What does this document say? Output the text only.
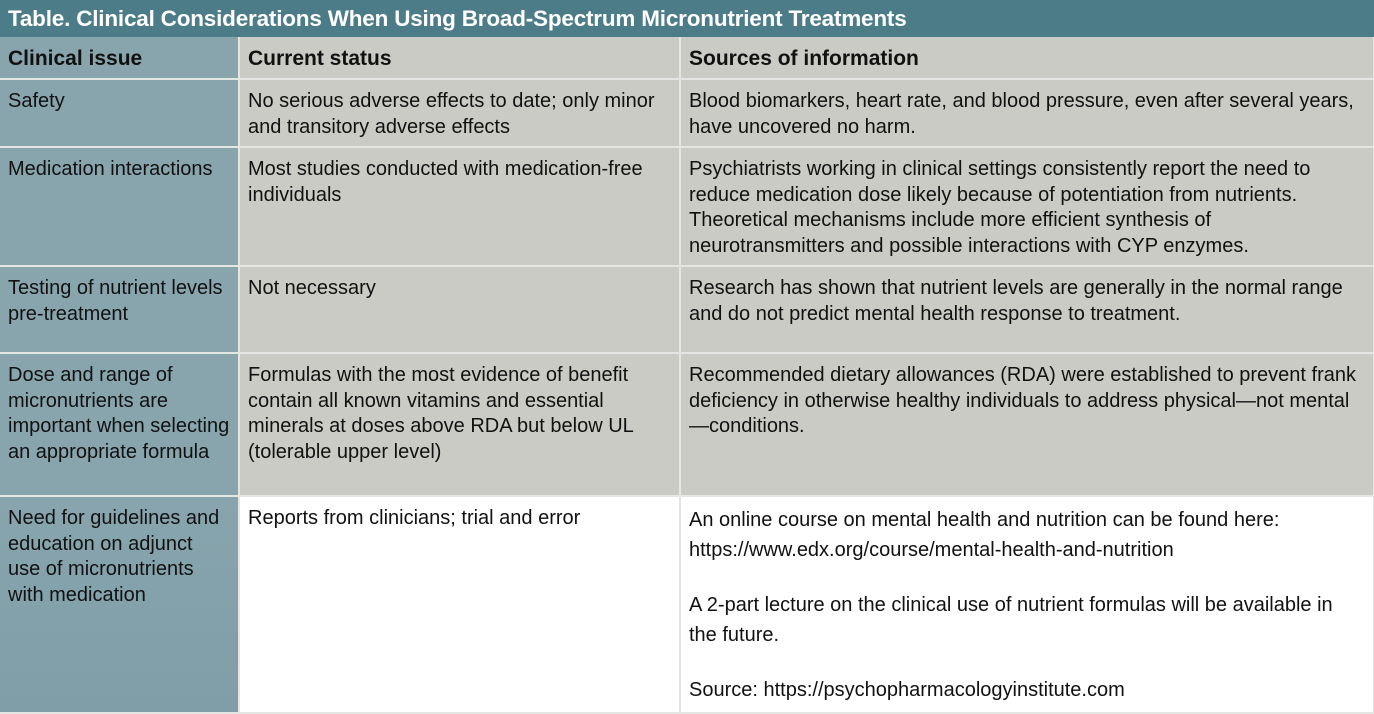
Table. Clinical Considerations When Using Broad-Spectrum Micronutrient Treatments
Clinical issue	Current status	Sources of information
Safety	No serious adverse effects to date; only minor and transitory adverse effects	Blood biomarkers, heart rate, and blood pressure, even after several years, have uncovered no harm.
Medication interactions	Most studies conducted with medication-free individuals	Psychiatrists working in clinical settings consistently report the need to reduce medication dose likely because of potentiation from nutrients. Theoretical mechanisms include more efficient synthesis of neurotransmitters and possible interactions with CYP enzymes.
Testing of nutrient levels pre-treatment	Not necessary	Research has shown that nutrient levels are generally in the normal range and do not predict mental health response to treatment.
Dose and range of micronutrients are important when selecting an appropriate formula	Formulas with the most evidence of benefit contain all known vitamins and essential minerals at doses above RDA but below UL (tolerable upper level)	Recommended dietary allowances (RDA) were established to prevent frank deficiency in otherwise healthy individuals to address physical—not mental—conditions.
Need for guidelines and education on adjunct use of micronutrients with medication	Reports from clinicians; trial and error	An online course on mental health and nutrition can be found here: https://www.edx.org/course/mental-health-and-nutrition
A 2-part lecture on the clinical use of nutrient formulas will be available in the future.
Source: https://psychopharmacologyinstitute.com
